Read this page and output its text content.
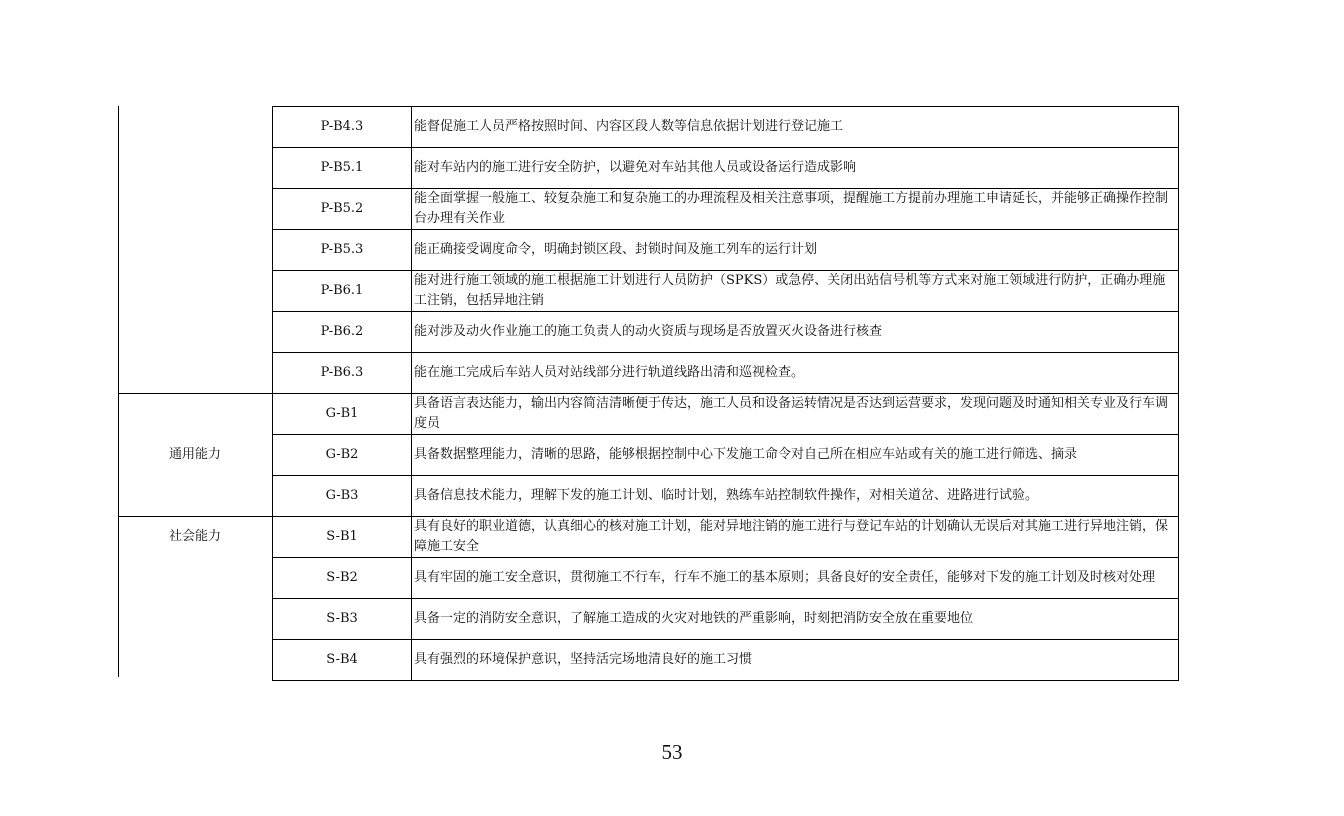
	P-B4.3	能督促施工人员严格按照时间、内容区段人数等信息依据计划进行登记施工
	P-B5.1	能对车站内的施工进行安全防护，以避免对车站其他人员或设备运行造成影响
	P-B5.2	能全面掌握一般施工、较复杂施工和复杂施工的办理流程及相关注意事项，提醒施工方提前办理施工申请延长，并能够正确操作控制台办理有关作业
	P-B5.3	能正确接受调度命令，明确封锁区段、封锁时间及施工列车的运行计划
	P-B6.1	能对进行施工领域的施工根据施工计划进行人员防护（SPKS）或急停、关闭出站信号机等方式来对施工领域进行防护，正确办理施工注销，包括异地注销
	P-B6.2	能对涉及动火作业施工的施工负责人的动火资质与现场是否放置灭火设备进行核查
	P-B6.3	能在施工完成后车站人员对站线部分进行轨道线路出清和巡视检查。
通用能力	G-B1	具备语言表达能力，输出内容简洁清晰便于传达，施工人员和设备运转情况是否达到运营要求，发现问题及时通知相关专业及行车调度员
	G-B2	具备数据整理能力，清晰的思路，能够根据控制中心下发施工命令对自己所在相应车站或有关的施工进行筛选、摘录
	G-B3	具备信息技术能力，理解下发的施工计划、临时计划，熟练车站控制软件操作，对相关道岔、进路进行试验。
社会能力	S-B1	具有良好的职业道德，认真细心的核对施工计划，能对异地注销的施工进行与登记车站的计划确认无误后对其施工进行异地注销，保障施工安全
	S-B2	具有牢固的施工安全意识，贯彻施工不行车，行车不施工的基本原则；具备良好的安全责任，能够对下发的施工计划及时核对处理
	S-B3	具备一定的消防安全意识，了解施工造成的火灾对地铁的严重影响，时刻把消防安全放在重要地位
	S-B4	具有强烈的环境保护意识，坚持活完场地清良好的施工习惯
53
